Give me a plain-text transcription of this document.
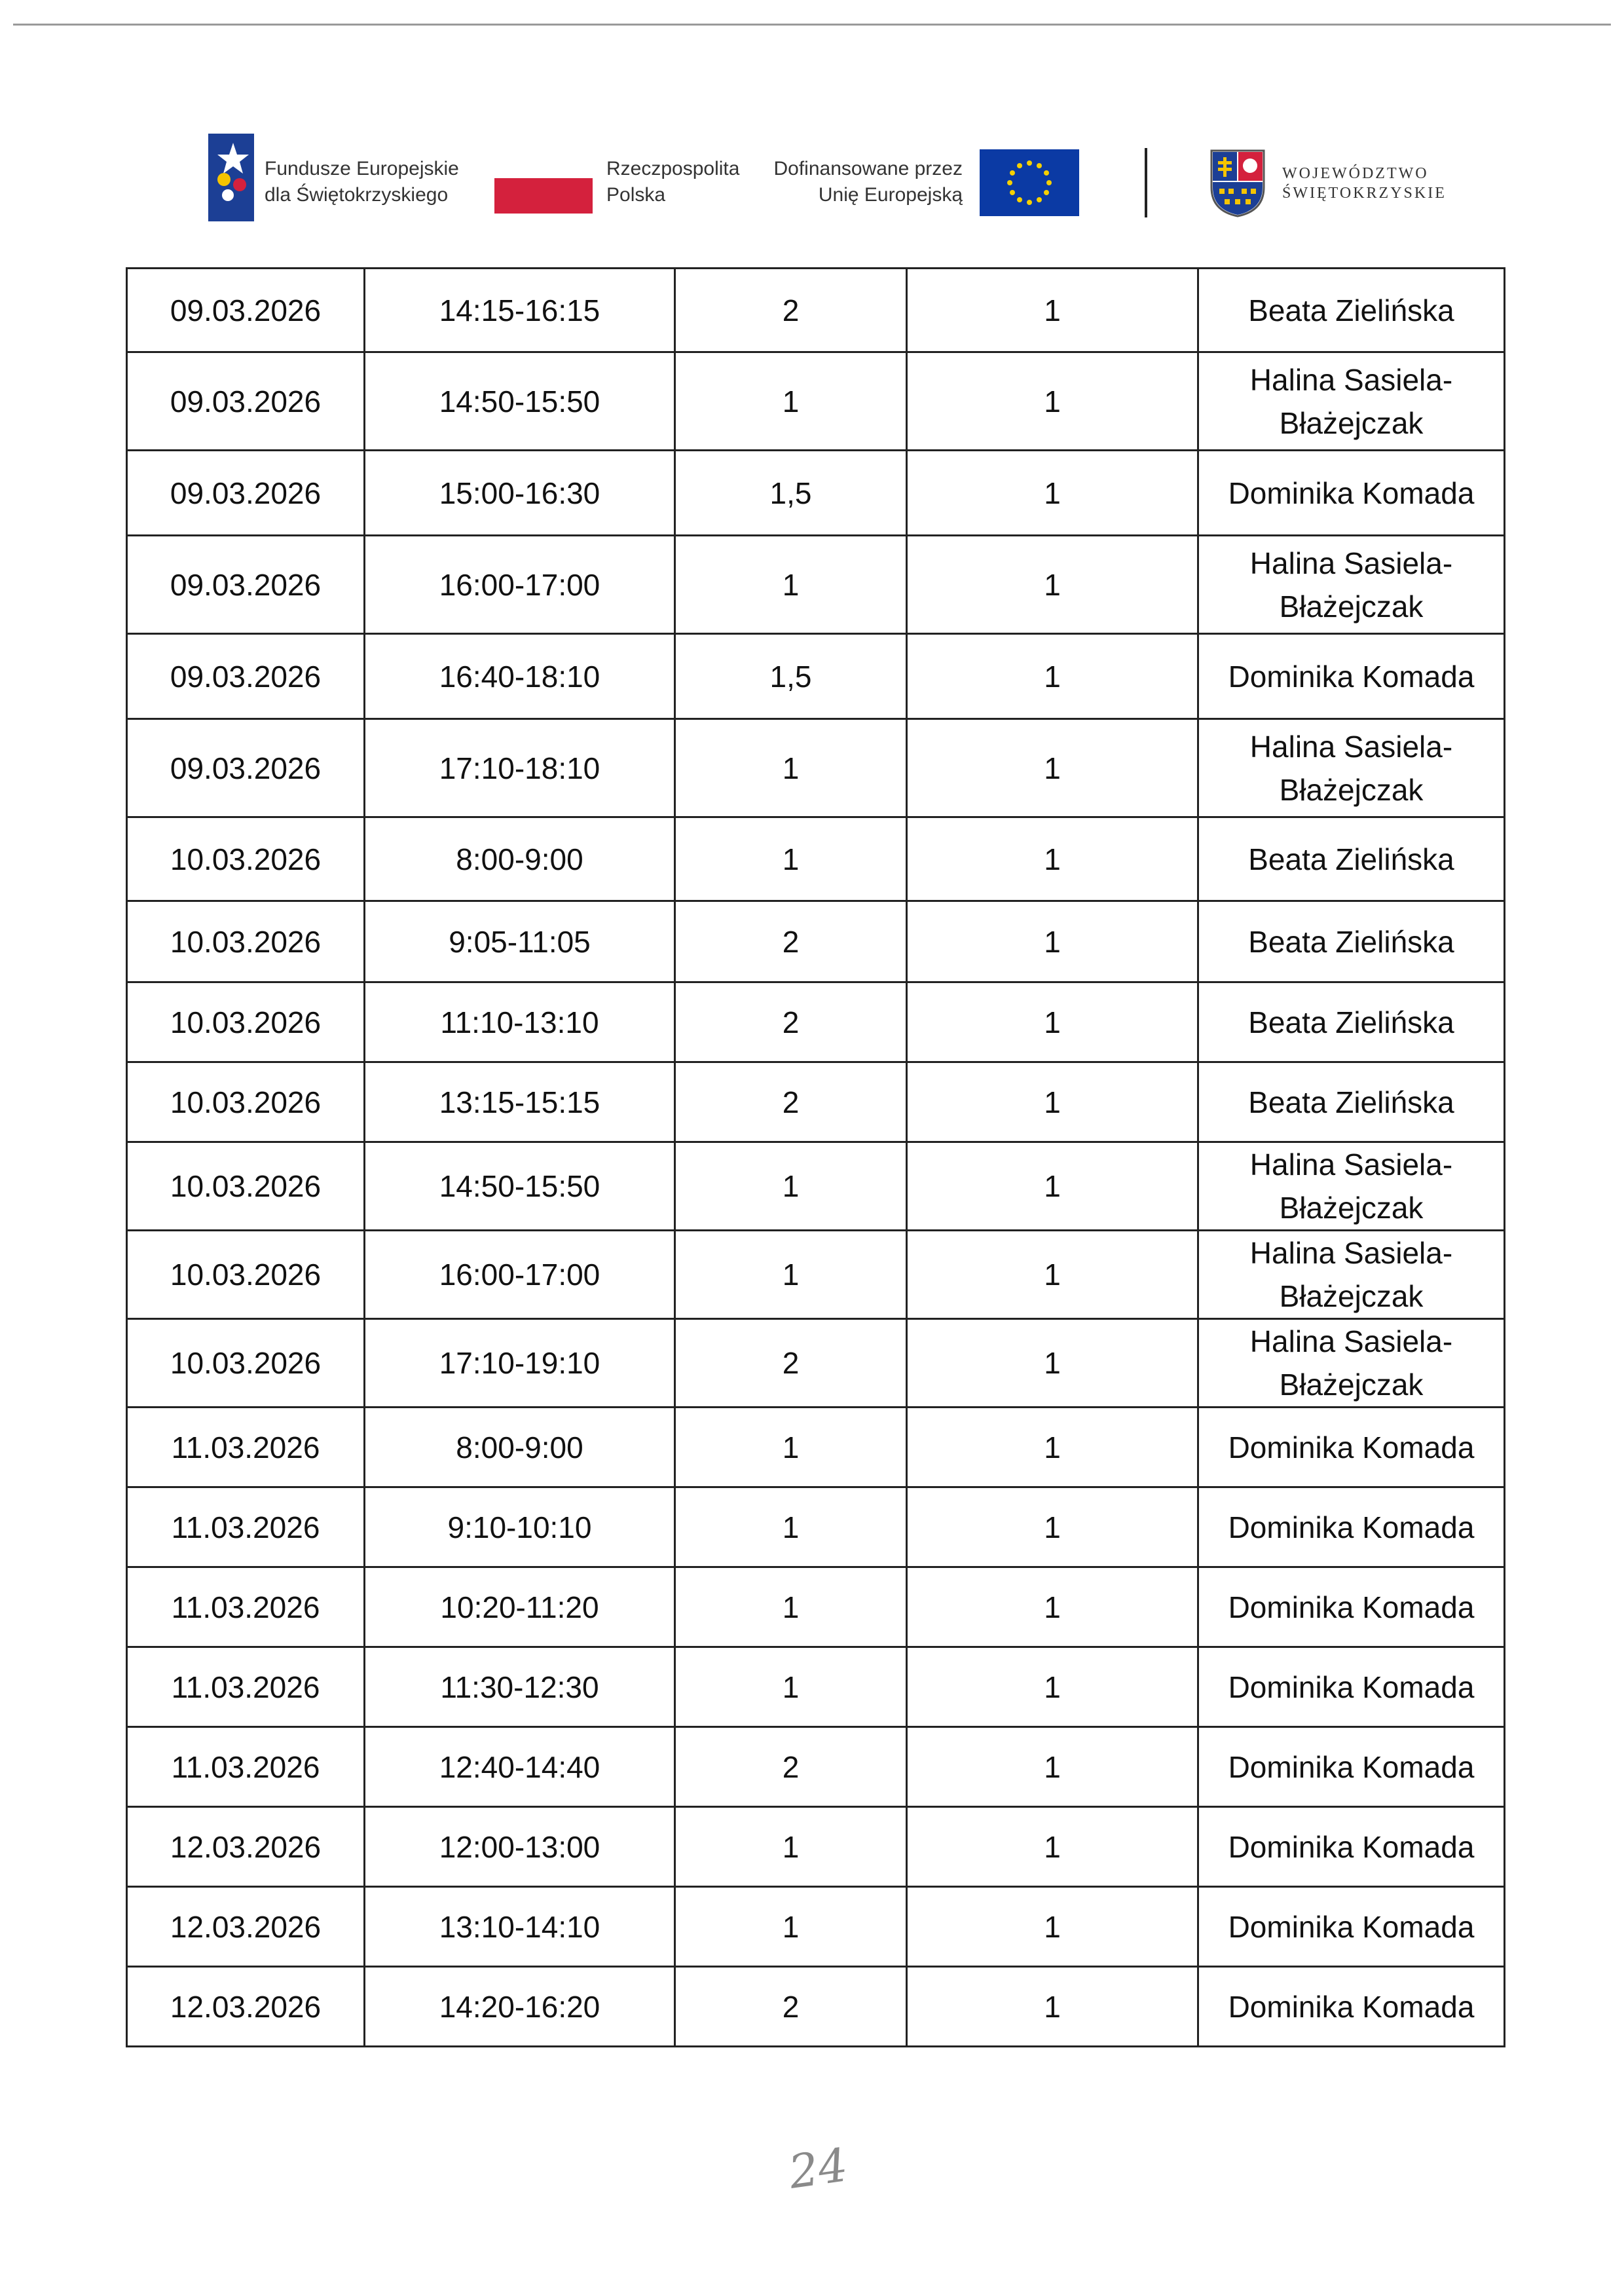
Fundusze Europejskie
dla Świętokrzyskiego
Rzeczpospolita
Polska
Dofinansowane przez
Unię Europejską
WOJEWÓDZTWO
ŚWIĘTOKRZYSKIE
09.03.2026	14:15-16:15	2	1	Beata Zielińska
09.03.2026	14:50-15:50	1	1	Halina Sasiela-Błażejczak
09.03.2026	15:00-16:30	1,5	1	Dominika Komada
09.03.2026	16:00-17:00	1	1	Halina Sasiela-Błażejczak
09.03.2026	16:40-18:10	1,5	1	Dominika Komada
09.03.2026	17:10-18:10	1	1	Halina Sasiela-Błażejczak
10.03.2026	8:00-9:00	1	1	Beata Zielińska
10.03.2026	9:05-11:05	2	1	Beata Zielińska
10.03.2026	11:10-13:10	2	1	Beata Zielińska
10.03.2026	13:15-15:15	2	1	Beata Zielińska
10.03.2026	14:50-15:50	1	1	Halina Sasiela-Błażejczak
10.03.2026	16:00-17:00	1	1	Halina Sasiela-Błażejczak
10.03.2026	17:10-19:10	2	1	Halina Sasiela-Błażejczak
11.03.2026	8:00-9:00	1	1	Dominika Komada
11.03.2026	9:10-10:10	1	1	Dominika Komada
11.03.2026	10:20-11:20	1	1	Dominika Komada
11.03.2026	11:30-12:30	1	1	Dominika Komada
11.03.2026	12:40-14:40	2	1	Dominika Komada
12.03.2026	12:00-13:00	1	1	Dominika Komada
12.03.2026	13:10-14:10	1	1	Dominika Komada
12.03.2026	14:20-16:20	2	1	Dominika Komada
24
